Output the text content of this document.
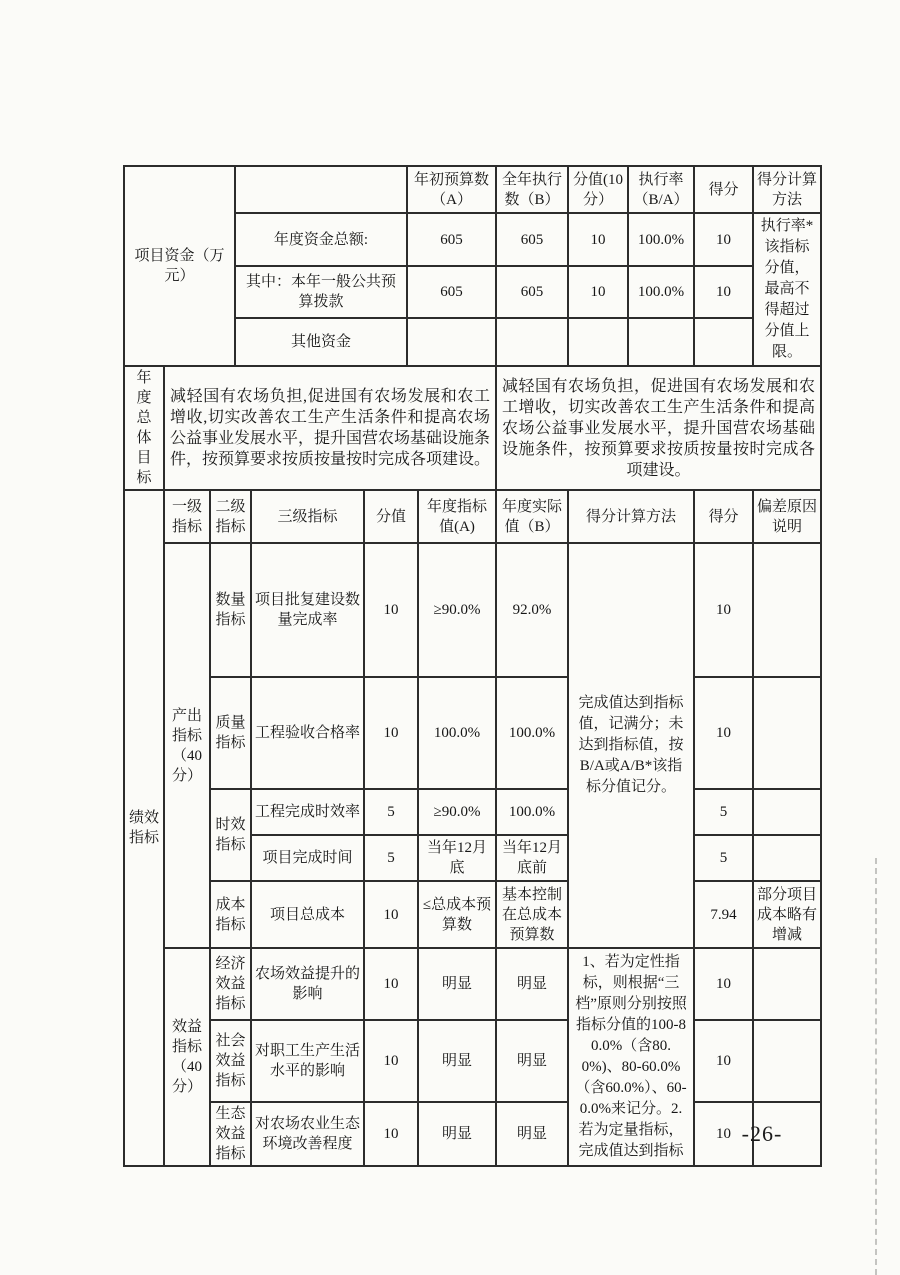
项目资金（万元）						年初预算数（A）		全年执行数（B）	分值(10分）	执行率（B/A）	得分	得分计算方法
			年度资金总额:			605		605	10	100.0%	10	执行率*该指标分值，最高不得超过分值上限。
			其中：本年一般公共预算拨款			605		605	10	100.0%	10	
			其他资金									
年度总体目标	减轻国有农场负担,促进国有农场发展和农工增收,切实改善农工生产生活条件和提高农场公益事业发展水平，提升国营农场基础设施条件，按预算要求按质按量按时完成各项建设。							减轻国有农场负担，促进国有农场发展和农工增收，切实改善农工生产生活条件和提高农场公益事业发展水平，提升国营农场基础设施条件，按预算要求按质按量按时完成各项建设。				
绩效指标	一级指标	二级指标		三级指标	分值		年度指标值(A)	年度实际值（B）	得分计算方法		得分	偏差原因说明
	产出指标（40分）	数量指标		项目批复建设数量完成率	10		≥90.0%	92.0%	完成值达到指标值，记满分；未达到指标值，按B/A或A/B*该指标分值记分。		10	
		质量指标		工程验收合格率	10		100.0%	100.0%			10	
		时效指标		工程完成时效率	5		≥90.0%	100.0%			5	
				项目完成时间	5		当年12月底	当年12月底前			5	
		成本指标		项目总成本	10		≤总成本预算数	基本控制在总成本预算数			7.94	部分项目成本略有增减
	效益指标（40分）	经济效益指标		农场效益提升的影响	10		明显	明显	1、若为定性指标，则根据“三档”原则分别按照指标分值的100-80.0%（含80.0%)、80-60.0%（含60.0%）、60-0.0%来记分。2.若为定量指标，完成值达到指标		10	
		社会效益指标		对职工生产生活水平的影响	10		明显	明显			10	
		生态效益指标		对农场农业生态环境改善程度	10		明显	明显			10	-26-
